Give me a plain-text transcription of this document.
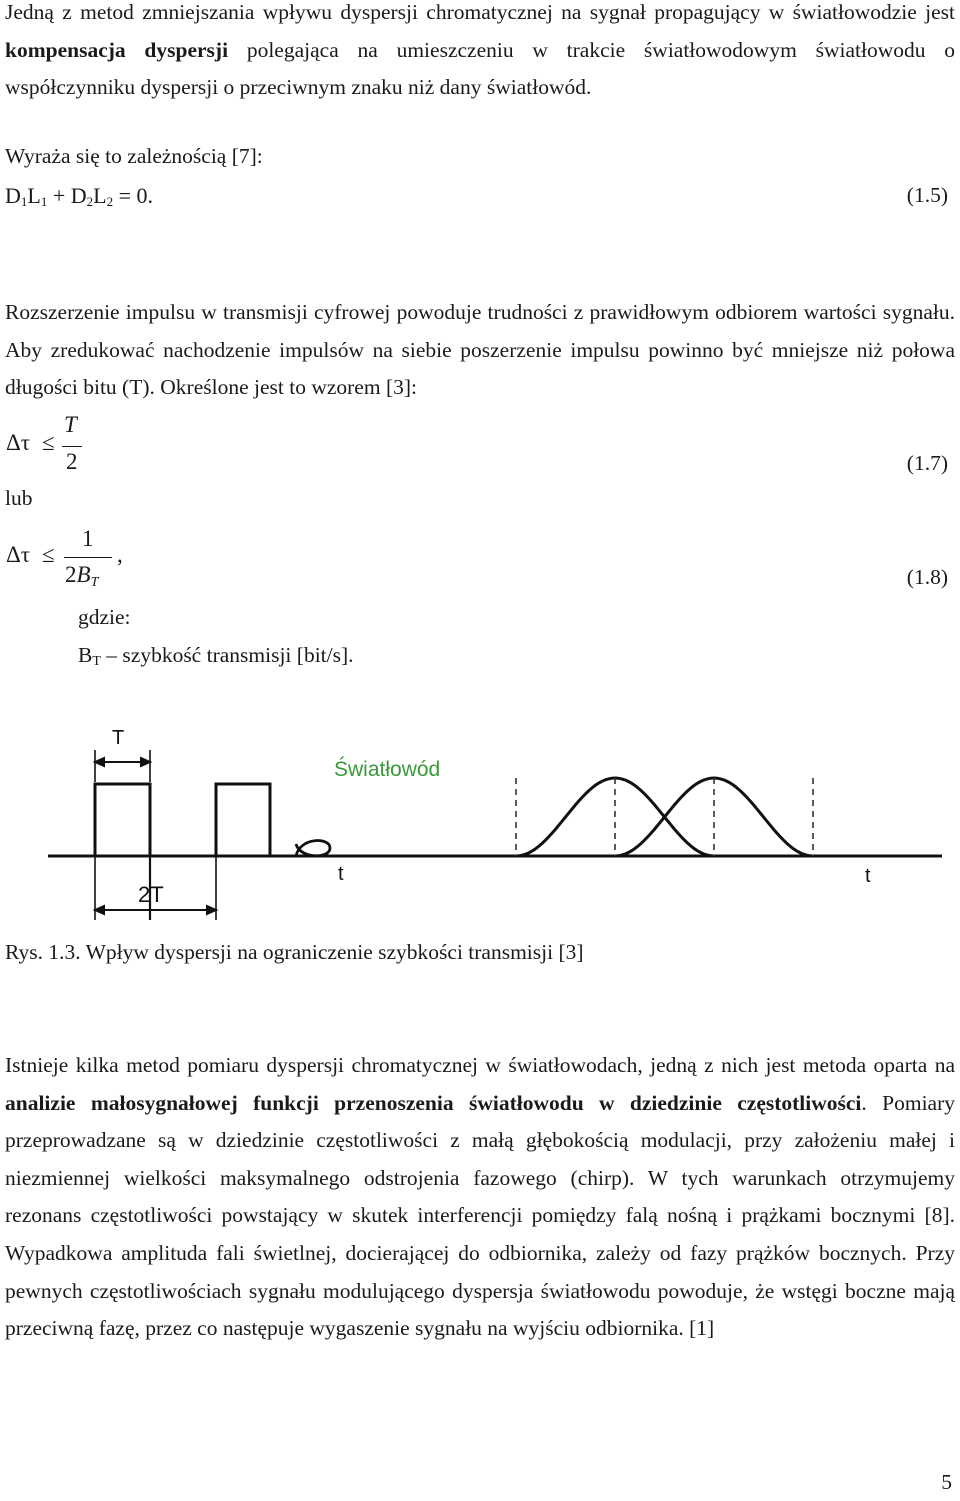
Jedną z metod zmniejszania wpływu dyspersji chromatycznej na sygnał propagujący w światłowodzie jest kompensacja dyspersji polegająca na umieszczeniu w trakcie światłowodowym światłowodu o współczynniku dyspersji o przeciwnym znaku niż dany światłowód.

Wyraża się to zależnością [7]:

$D_1L_1 + D_2L_2 = 0$.	(1.5)

Rozszerzenie impulsu w transmisji cyfrowej powoduje trudności z prawidłowym odbiorem wartości sygnału. Aby zredukować nachodzenie impulsów na siebie poszerzenie impulsu powinno być mniejsze niż połowa długości bitu (T). Określone jest to wzorem [3]:

Δτ ≤
T
2	(1.7)
lub
Δτ ≤
1
$2B_T$
,
(1.8)
gdzie:
$B_T$ – szybkość transmisji [bit/s].
T
2T
Światłowód
t	t
Rys. 1.3. Wpływ dyspersji na ograniczenie szybkości transmisji [3]

Istnieje kilka metod pomiaru dyspersji chromatycznej w światłowodach, jedną z nich jest metoda oparta na analizie małosygnałowej funkcji przenoszenia światłowodu w dziedzinie częstotliwości. Pomiary przeprowadzane są w dziedzinie częstotliwości z małą głębokością modulacji, przy założeniu małej i niezmiennej wielkości maksymalnego odstrojenia fazowego (chirp). W tych warunkach otrzymujemy rezonans częstotliwości powstający w skutek interferencji pomiędzy falą nośną i prążkami bocznymi [8]. Wypadkowa amplituda fali świetlnej, docierającej do odbiornika, zależy od fazy prążków bocznych. Przy pewnych częstotliwościach sygnału modulującego dyspersja światłowodu powoduje, że wstęgi boczne mają przeciwną fazę, przez co następuje wygaszenie sygnału na wyjściu odbiornika. [1]

5
